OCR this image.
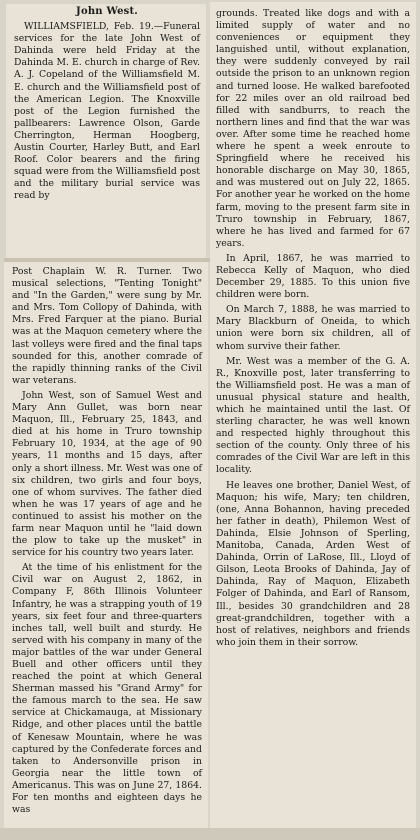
John West.

WILLIAMSFIELD, Feb. 19.—Funeral services for the late John West of Dahinda were held Friday at the Dahinda M. E. church in charge of Rev. A. J. Copeland of the Williamsfield M. E. church and the Williamsfield post of the American Legion. The Knoxville post of the Legion furnished the pallbearers: Lawrence Olson, Garde Cherrington, Herman Hoogberg, Austin Courter, Harley Butt, and Earl Roof. Color bearers and the firing squad were from the Williamsfield post and the military burial service was read by

Post Chaplain W. R. Turner. Two musical selections, "Tenting Tonight" and "In the Garden," were sung by Mr. and Mrs. Tom Collopy of Dahinda, with Mrs. Fred Farquer at the piano. Burial was at the Maquon cemetery where the last volleys were fired and the final taps sounded for this, another comrade of the rapidly thinning ranks of the Civil war veterans.

John West, son of Samuel West and Mary Ann Gullet, was born near Maquon, Ill., February 25, 1843, and died at his home in Truro township February 10, 1934, at the age of 90 years, 11 months and 15 days, after only a short illness. Mr. West was one of six children, two girls and four boys, one of whom survives. The father died when he was 17 years of age and he continued to assist his mother on the farm near Maquon until he "laid down the plow to take up the musket" in service for his country two years later.

At the time of his enlistment for the Civil war on August 2, 1862, in Company F, 86th Illinois Volunteer Infantry, he was a strapping youth of 19 years, six feet four and three-quarters inches tall, well built and sturdy. He served with his company in many of the major battles of the war under General Buell and other officers until they reached the point at which General Sherman massed his "Grand Army" for the famous march to the sea. He saw service at Chickamauga, at Missionary Ridge, and other places until the battle of Kenesaw Mountain, where he was captured by the Confederate forces and taken to Andersonville prison in Georgia near the little town of Americanus. This was on June 27, 1864. For ten months and eighteen days he was

grounds. Treated like dogs and with a limited supply of water and no conveniences or equipment they languished until, without explanation, they were suddenly conveyed by rail outside the prison to an unknown region and turned loose. He walked barefooted for 22 miles over an old railroad bed filled with sandburrs, to reach the northern lines and find that the war was over. After some time he reached home where he spent a week enroute to Springfield where he received his honorable discharge on May 30, 1865, and was mustered out on July 22, 1865. For another year he worked on the home farm, moving to the present farm site in Truro township in February, 1867, where he has lived and farmed for 67 years.

In April, 1867, he was married to Rebecca Kelly of Maquon, who died December 29, 1885. To this union five children were born.

On March 7, 1888, he was married to Mary Blackburn of Oneida, to which union were born six children, all of whom survive their father.

Mr. West was a member of the G. A. R., Knoxville post, later transferring to the Williamsfield post. He was a man of unusual physical stature and health, which he maintained until the last. Of sterling character, he was well known and respected highly throughout this section of the county. Only three of his comrades of the Civil War are left in this locality.

He leaves one brother, Daniel West, of Maquon; his wife, Mary; ten children, (one, Anna Bohannon, having preceded her father in death), Philemon West of Dahinda, Elsie Johnson of Sperling, Manitoba, Canada, Arden West of Dahinda, Orrin of LaRose, Ill., Lloyd of Gilson, Leota Brooks of Dahinda, Jay of Dahinda, Ray of Maquon, Elizabeth Folger of Dahinda, and Earl of Ransom, Ill., besides 30 grandchildren and 28 great-grandchildren, together with a host of relatives, neighbors and friends who join them in their sorrow.
